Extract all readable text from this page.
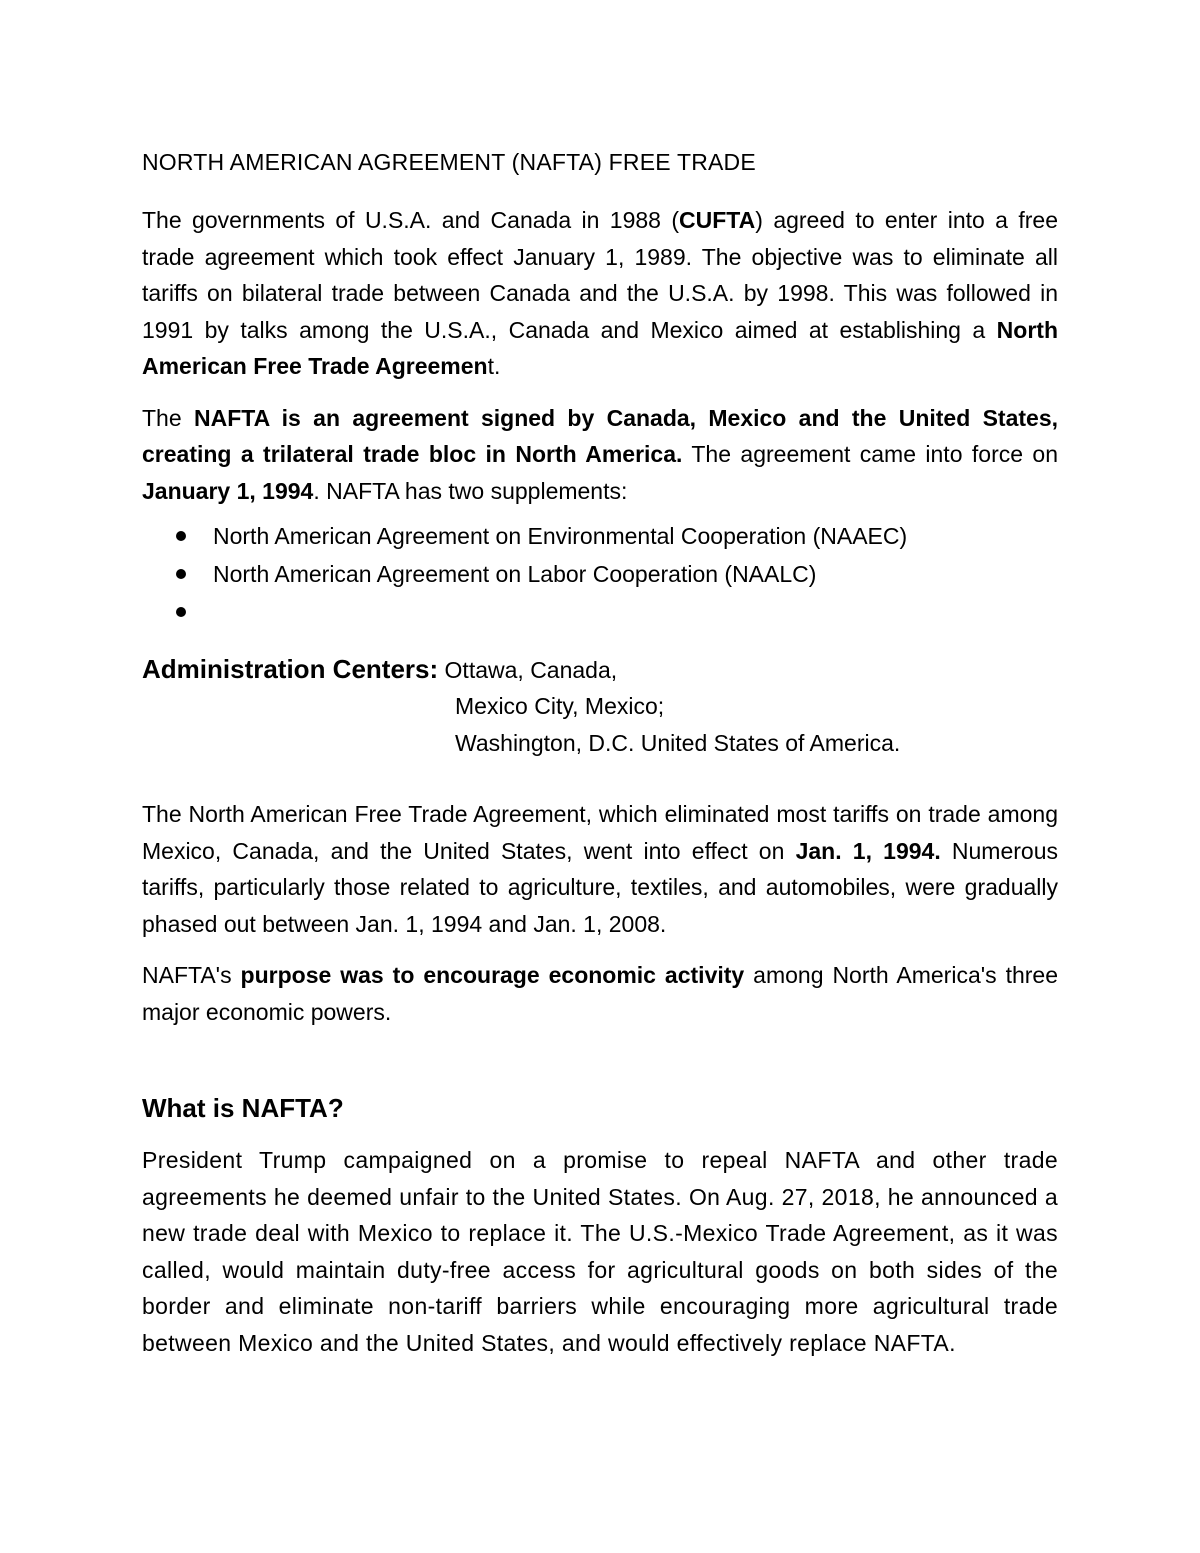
NORTH AMERICAN AGREEMENT (NAFTA) FREE TRADE

The governments of U.S.A. and Canada in 1988 (CUFTA) agreed to enter into a free trade agreement which took effect January 1, 1989. The objective was to eliminate all tariffs on bilateral trade between Canada and the U.S.A. by 1998. This was followed in 1991 by talks among the U.S.A., Canada and Mexico aimed at establishing a North American Free Trade Agreement.

The NAFTA is an agreement signed by Canada, Mexico and the United States, creating a trilateral trade bloc in North America. The agreement came into force on January 1, 1994. NAFTA has two supplements:

North American Agreement on Environmental Cooperation (NAAEC)
North American Agreement on Labor Cooperation (NAALC)
Administration Centers: Ottawa, Canada,
Mexico City, Mexico;
Washington, D.C. United States of America.

The North American Free Trade Agreement, which eliminated most tariffs on trade among Mexico, Canada, and the United States, went into effect on Jan. 1, 1994. Numerous tariffs, particularly those related to agriculture, textiles, and automobiles, were gradually phased out between Jan. 1, 1994 and Jan. 1, 2008.

NAFTA's purpose was to encourage economic activity among North America's three major economic powers.

What is NAFTA?

President Trump campaigned on a promise to repeal NAFTA and other trade agreements he deemed unfair to the United States. On Aug. 27, 2018, he announced a new trade deal with Mexico to replace it. The U.S.-Mexico Trade Agreement, as it was called, would maintain duty-free access for agricultural goods on both sides of the border and eliminate non-tariff barriers while encouraging more agricultural trade between Mexico and the United States, and would effectively replace NAFTA.
